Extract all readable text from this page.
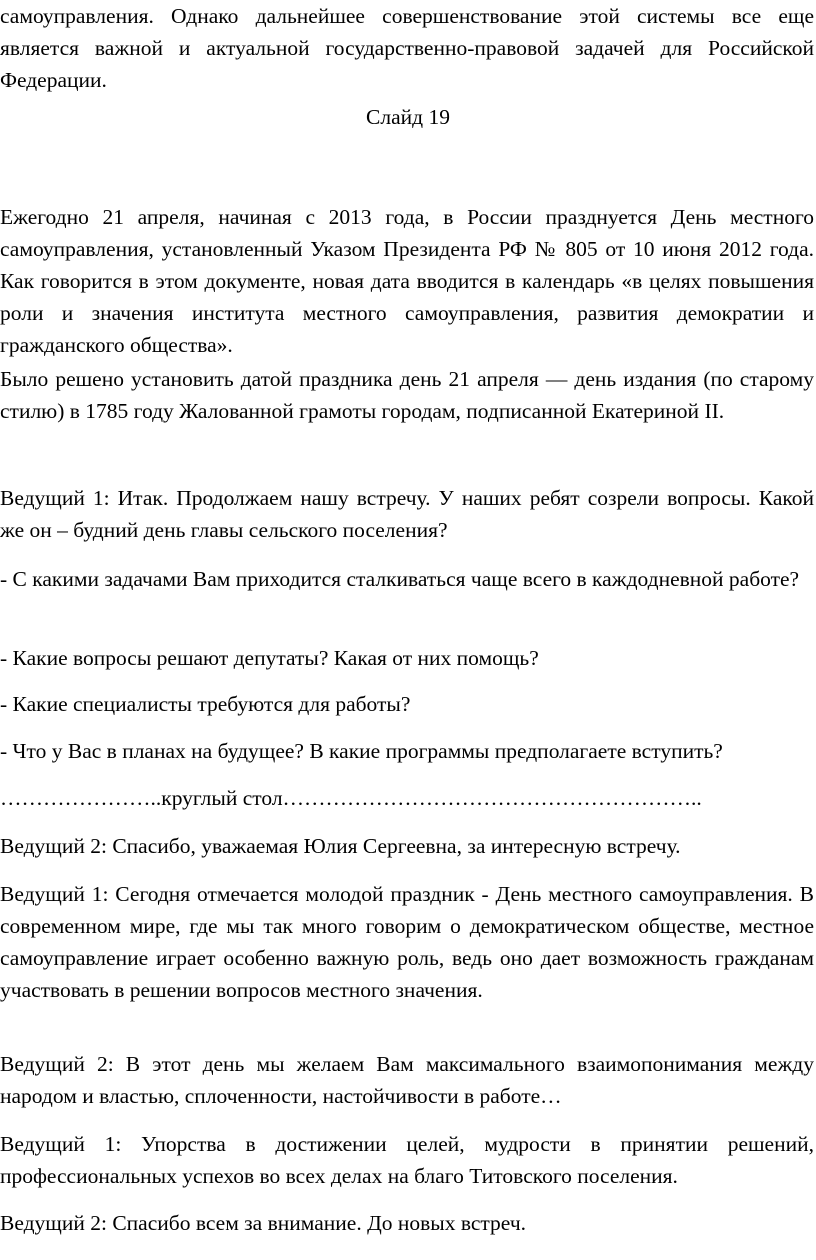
самоуправления. Однако дальнейшее совершенствование этой системы все еще является важной и актуальной государственно-правовой задачей для Российской Федерации.

Слайд 19

Ежегодно 21 апреля, начиная с 2013 года, в России празднуется День местного самоуправления, установленный Указом Президента РФ № 805 от 10 июня 2012 года. Как говорится в этом документе, новая дата вводится в календарь «в целях повышения роли и значения института местного самоуправления, развития демократии и гражданского общества».

Было решено установить датой праздника день 21 апреля — день издания (по старому стилю) в 1785 году Жалованной грамоты городам, подписанной Екатериной II.

Ведущий 1: Итак. Продолжаем нашу встречу. У наших ребят созрели вопросы. Какой же он – будний день главы сельского поселения?

- С какими задачами Вам приходится сталкиваться чаще всего в каждодневной работе?

- Какие вопросы решают депутаты? Какая от них помощь?

- Какие специалисты требуются для работы?

- Что у Вас в планах на будущее? В какие программы предполагаете вступить?

…………………..круглый стол…………………………………………………..

Ведущий 2: Спасибо, уважаемая Юлия Сергеевна, за интересную встречу.

Ведущий 1: Сегодня отмечается молодой праздник - День местного самоуправления. В современном мире, где мы так много говорим о демократическом обществе, местное самоуправление играет особенно важную роль, ведь оно дает возможность гражданам участвовать в решении вопросов местного значения.

Ведущий 2: В этот день мы желаем Вам максимального взаимопонимания между народом и властью, сплоченности, настойчивости в работе…

Ведущий 1: Упорства в достижении целей, мудрости в принятии решений, профессиональных успехов во всех делах на благо Титовского поселения.

Ведущий 2: Спасибо всем за внимание. До новых встреч.
